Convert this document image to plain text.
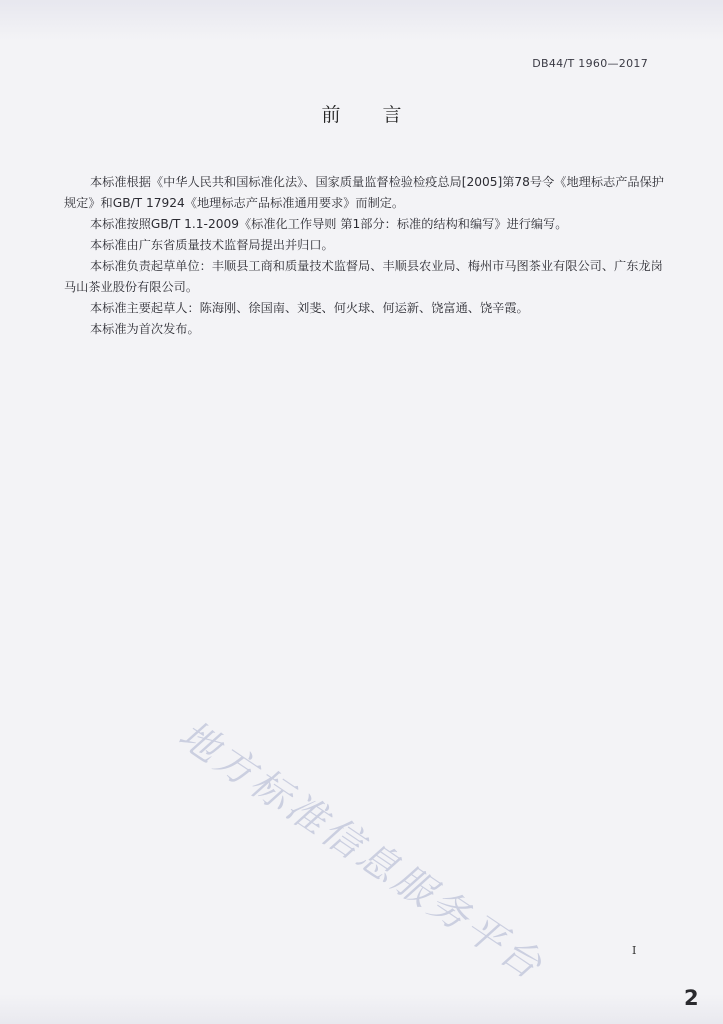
DB44/T 1960—2017
前言

本标准根据《中华人民共和国标准化法》、国家质量监督检验检疫总局[2005]第78号令《地理标志产品保护规定》和GB/T 17924《地理标志产品标准通用要求》而制定。

本标准按照GB/T 1.1-2009《标准化工作导则 第1部分：标准的结构和编写》进行编写。

本标准由广东省质量技术监督局提出并归口。

本标准负责起草单位：丰顺县工商和质量技术监督局、丰顺县农业局、梅州市马图茶业有限公司、广东龙岗马山茶业股份有限公司。

本标准主要起草人：陈海刚、徐国南、刘斐、何火球、何运新、饶富通、饶辛霞。

本标准为首次发布。

地方标准信息服务平台	I
2
